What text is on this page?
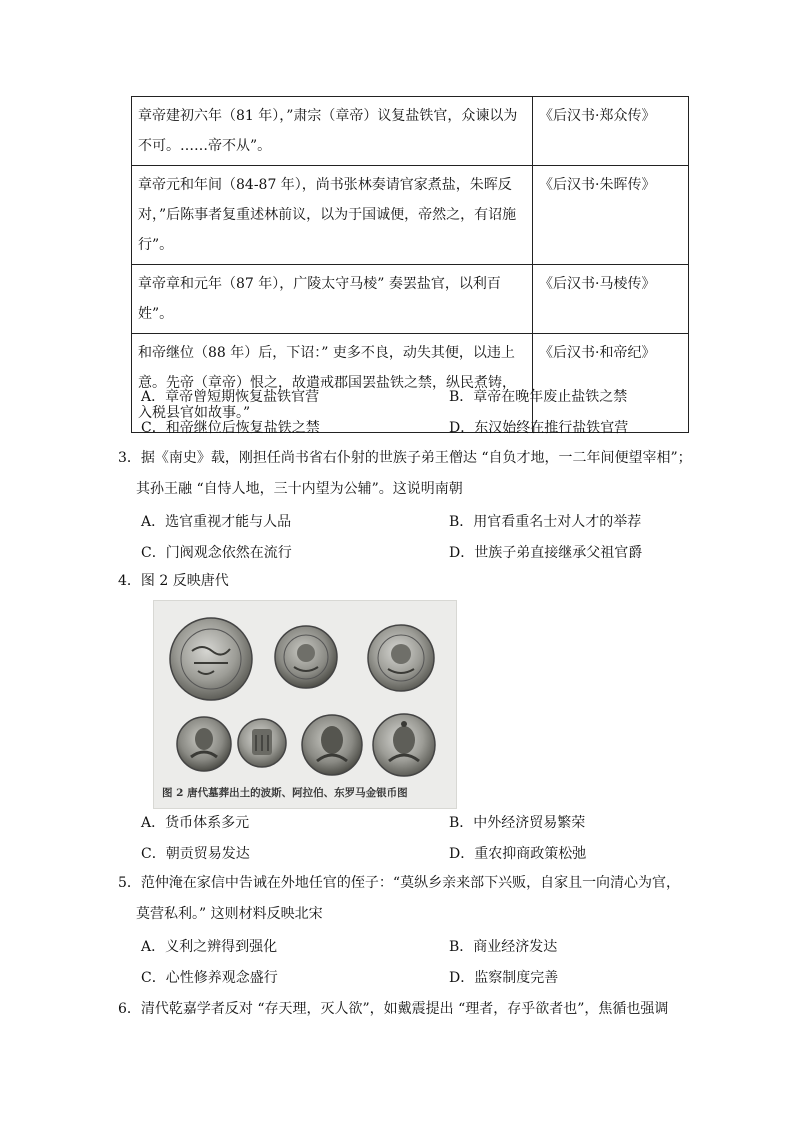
章帝建初六年（81 年），”肃宗（章帝）议复盐铁官，众谏以为不可。……帝不从”。	《后汉书·郑众传》
章帝元和年间（84-87 年），尚书张林奏请官家煮盐，朱晖反对，”后陈事者复重述林前议，以为于国诚便，帝然之，有诏施行”。	《后汉书·朱晖传》
章帝章和元年（87 年），广陵太守马棱” 奏罢盐官，以利百姓”。	《后汉书·马棱传》
和帝继位（88 年）后，下诏：” 吏多不良，动失其便，以违上意。先帝（章帝）恨之，故遣戒郡国罢盐铁之禁，纵民煮铸，入税县官如故事。”	《后汉书·和帝纪》
A．章帝曾短期恢复盐铁官营	B．章帝在晚年废止盐铁之禁
C．和帝继位后恢复盐铁之禁	D．东汉始终在推行盐铁官营
3．据《南史》载，刚担任尚书省右仆射的世族子弟王僧达 “自负才地，一二年间便望宰相”；
其孙王融 “自恃人地，三十内望为公辅”。这说明南朝
A．选官重视才能与人品	B．用官看重名士对人才的举荐
C．门阀观念依然在流行	D．世族子弟直接继承父祖官爵
4．图 2 反映唐代
图 2 唐代墓葬出土的波斯、阿拉伯、东罗马金银币图
A．货币体系多元	B．中外经济贸易繁荣
C．朝贡贸易发达	D．重农抑商政策松弛
5．范仲淹在家信中告诫在外地任官的侄子：“莫纵乡亲来部下兴贩，自家且一向清心为官，
莫营私利。” 这则材料反映北宋
A．义利之辨得到强化	B．商业经济发达
C．心性修养观念盛行	D．监察制度完善
6．清代乾嘉学者反对 “存天理，灭人欲”，如戴震提出 “理者，存乎欲者也”，焦循也强调
